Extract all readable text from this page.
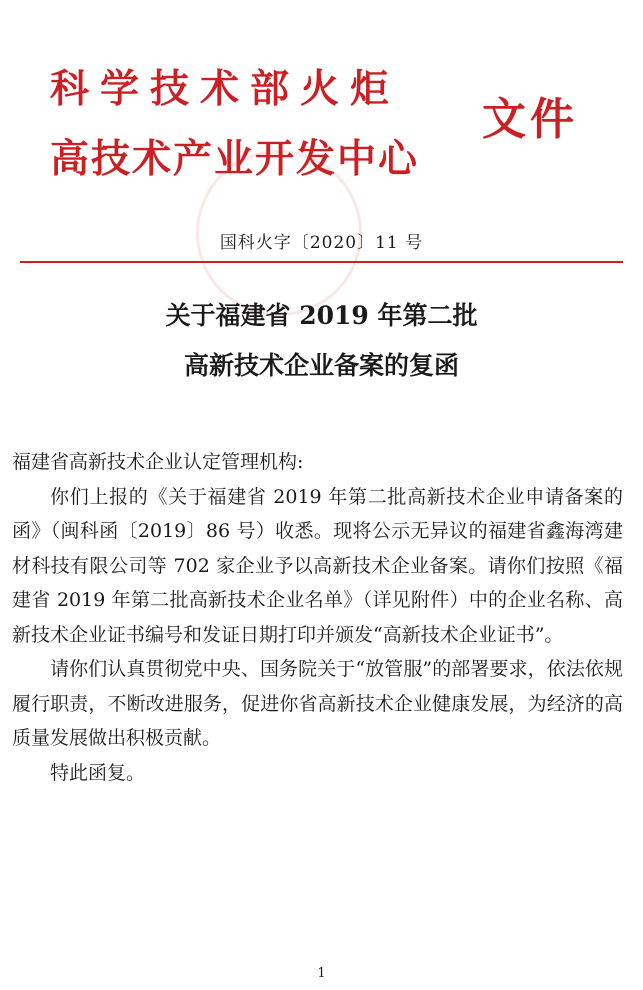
科学技术部火炬
高技术产业开发中心
文件
国科火字〔2020〕11 号
关于福建省 2019 年第二批
高新技术企业备案的复函

福建省高新技术企业认定管理机构:

你们上报的《关于福建省 2019 年第二批高新技术企业申请备案的函》（闽科函〔2019〕86 号）收悉。现将公示无异议的福建省鑫海湾建材科技有限公司等 702 家企业予以高新技术企业备案。请你们按照《福建省 2019 年第二批高新技术企业名单》（详见附件）中的企业名称、高新技术企业证书编号和发证日期打印并颁发“高新技术企业证书”。

请你们认真贯彻党中央、国务院关于“放管服”的部署要求，依法依规履行职责，不断改进服务，促进你省高新技术企业健康发展，为经济的高质量发展做出积极贡献。

特此函复。

1
